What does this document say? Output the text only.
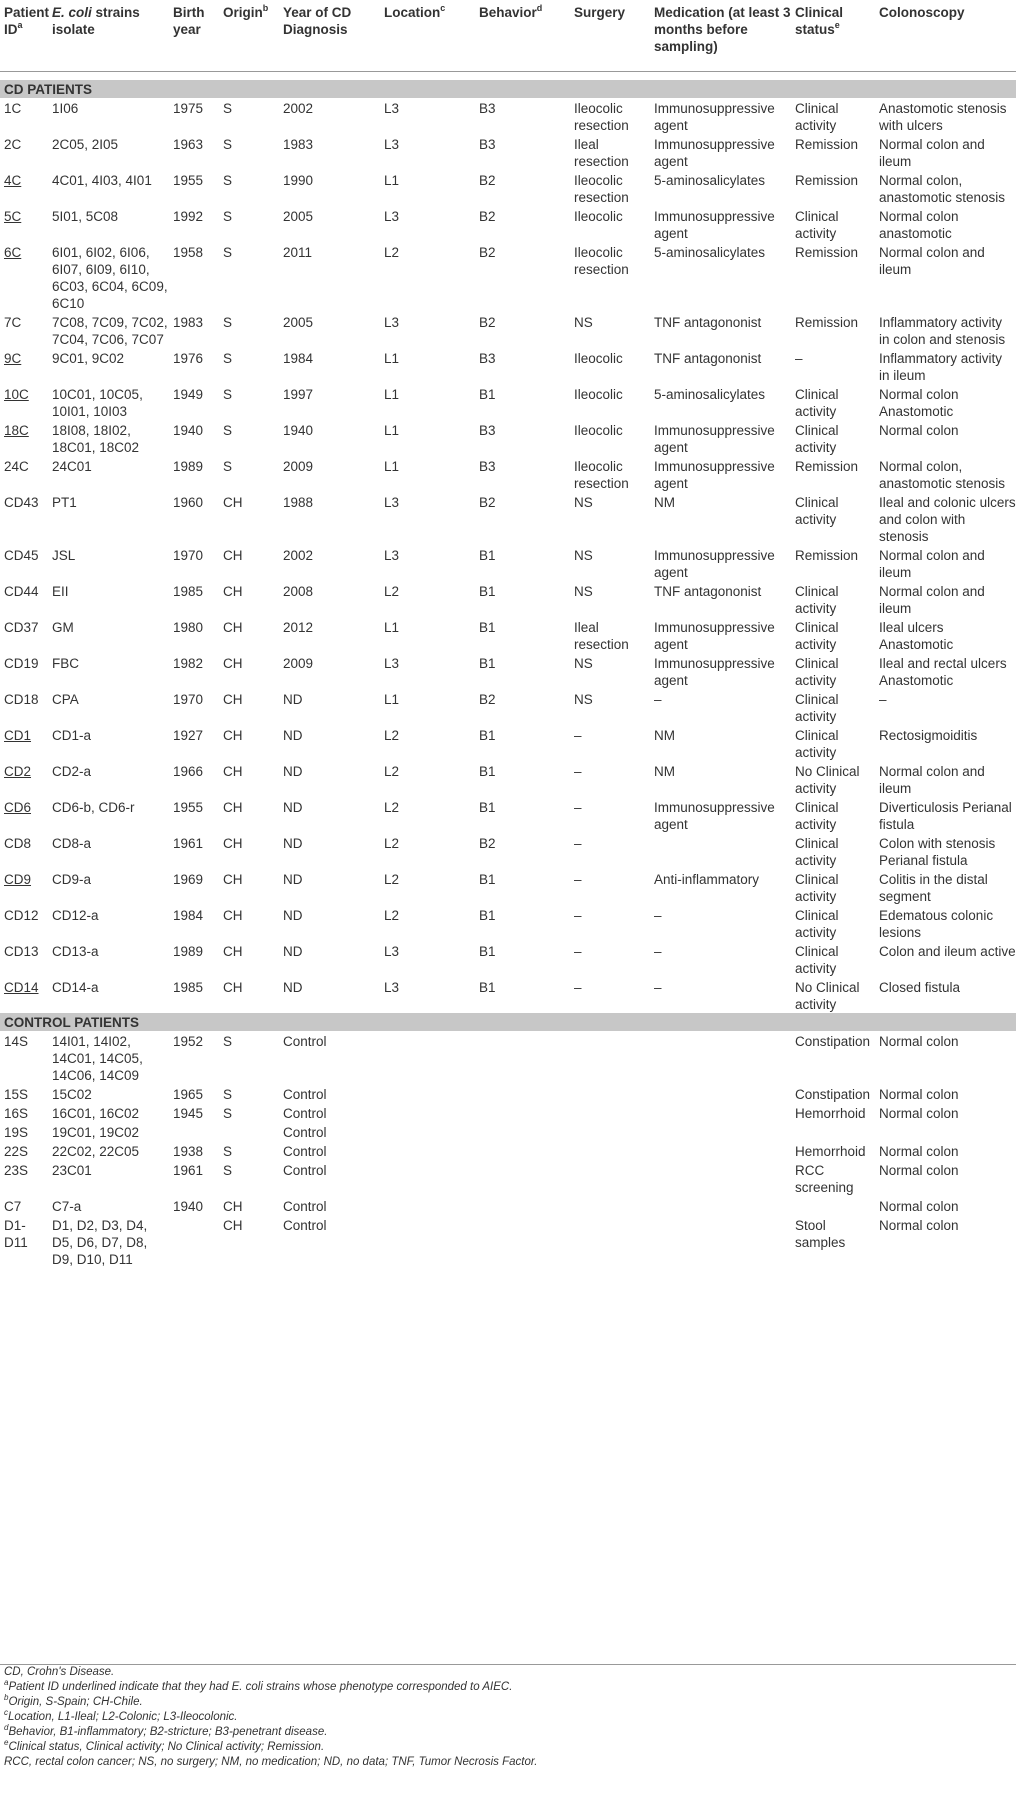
Patient $ID^a$	E. coli strains isolate	Birth year	Origin$^b$	Year of CD Diagnosis	Location$^c$	Behavior$^d$	Surgery	Medication (at least 3 months before sampling)	Clinical status$^e$	Colonoscopy

CD PATIENTS										
1C	1I06	1975	S	2002	L3	B3	Ileocolic resection	Immunosuppressive agent	Clinical activity	Anastomotic stenosis with ulcers
2C	2C05, 2I05	1963	S	1983	L3	B3	Ileal resection	Immunosuppressive agent	Remission	Normal colon and ileum
4C	4C01, 4I03, 4I01	1955	S	1990	L1	B2	Ileocolic resection	5-aminosalicylates	Remission	Normal colon, anastomotic stenosis
5C	5I01, 5C08	1992	S	2005	L3	B2	Ileocolic	Immunosuppressive agent	Clinical activity	Normal colon anastomotic
6C	6I01, 6I02, 6I06, 6I07, 6I09, 6I10, 6C03, 6C04, 6C09, 6C10	1958	S	2011	L2	B2	Ileocolic resection	5-aminosalicylates	Remission	Normal colon and ileum
7C	7C08, 7C09, 7C02, 7C04, 7C06, 7C07	1983	S	2005	L3	B2	NS	TNF antagononist	Remission	Inflammatory activity in colon and stenosis
9C	9C01, 9C02	1976	S	1984	L1	B3	Ileocolic	TNF antagononist	–	Inflammatory activity in ileum
10C	10C01, 10C05, 10I01, 10I03	1949	S	1997	L1	B1	Ileocolic	5-aminosalicylates	Clinical activity	Normal colon Anastomotic
18C	18I08, 18I02, 18C01, 18C02	1940	S	1940	L1	B3	Ileocolic	Immunosuppressive agent	Clinical activity	Normal colon
24C	24C01	1989	S	2009	L1	B3	Ileocolic resection	Immunosuppressive agent	Remission	Normal colon, anastomotic stenosis
CD43	PT1	1960	CH	1988	L3	B2	NS	NM	Clinical activity	Ileal and colonic ulcers and colon with stenosis
CD45	JSL	1970	CH	2002	L3	B1	NS	Immunosuppressive agent	Remission	Normal colon and ileum
CD44	EII	1985	CH	2008	L2	B1	NS	TNF antagononist	Clinical activity	Normal colon and ileum
CD37	GM	1980	CH	2012	L1	B1	Ileal resection	Immunosuppressive agent	Clinical activity	Ileal ulcers Anastomotic
CD19	FBC	1982	CH	2009	L3	B1	NS	Immunosuppressive agent	Clinical activity	Ileal and rectal ulcers Anastomotic
CD18	CPA	1970	CH	ND	L1	B2	NS	–	Clinical activity	–
CD1	CD1-a	1927	CH	ND	L2	B1	–	NM	Clinical activity	Rectosigmoiditis
CD2	CD2-a	1966	CH	ND	L2	B1	–	NM	No Clinical activity	Normal colon and ileum
CD6	CD6-b, CD6-r	1955	CH	ND	L2	B1	–	Immunosuppressive agent	Clinical activity	Diverticulosis Perianal fistula
CD8	CD8-a	1961	CH	ND	L2	B2	–		Clinical activity	Colon with stenosis Perianal fistula
CD9	CD9-a	1969	CH	ND	L2	B1	–	Anti-inflammatory	Clinical activity	Colitis in the distal segment
CD12	CD12-a	1984	CH	ND	L2	B1	–	–	Clinical activity	Edematous colonic lesions
CD13	CD13-a	1989	CH	ND	L3	B1	–	–	Clinical activity	Colon and ileum active
CD14	CD14-a	1985	CH	ND	L3	B1	–	–	No Clinical activity	Closed fistula
CONTROL PATIENTS										
14S	14I01, 14I02, 14C01, 14C05, 14C06, 14C09	1952	S	Control					Constipation	Normal colon
15S	15C02	1965	S	Control					Constipation	Normal colon
16S	16C01, 16C02	1945	S	Control					Hemorrhoid	Normal colon
19S	19C01, 19C02			Control						
22S	22C02, 22C05	1938	S	Control					Hemorrhoid	Normal colon
23S	23C01	1961	S	Control					RCC screening	Normal colon
C7	C7-a	1940	CH	Control						Normal colon
D1-D11	D1, D2, D3, D4, D5, D6, D7, D8, D9, D10, D11		CH	Control					Stool samples	Normal colon
CD, Crohn's Disease.
$^a$Patient ID underlined indicate that they had E. coli strains whose phenotype corresponded to AIEC.
$^b$Origin, S-Spain; CH-Chile.
$^c$Location, L1-Ileal; L2-Colonic; L3-Ileocolonic.
$^d$Behavior, B1-inflammatory; B2-stricture; B3-penetrant disease.
$^e$Clinical status, Clinical activity; No Clinical activity; Remission.
RCC, rectal colon cancer; NS, no surgery; NM, no medication; ND, no data; TNF, Tumor Necrosis Factor.
